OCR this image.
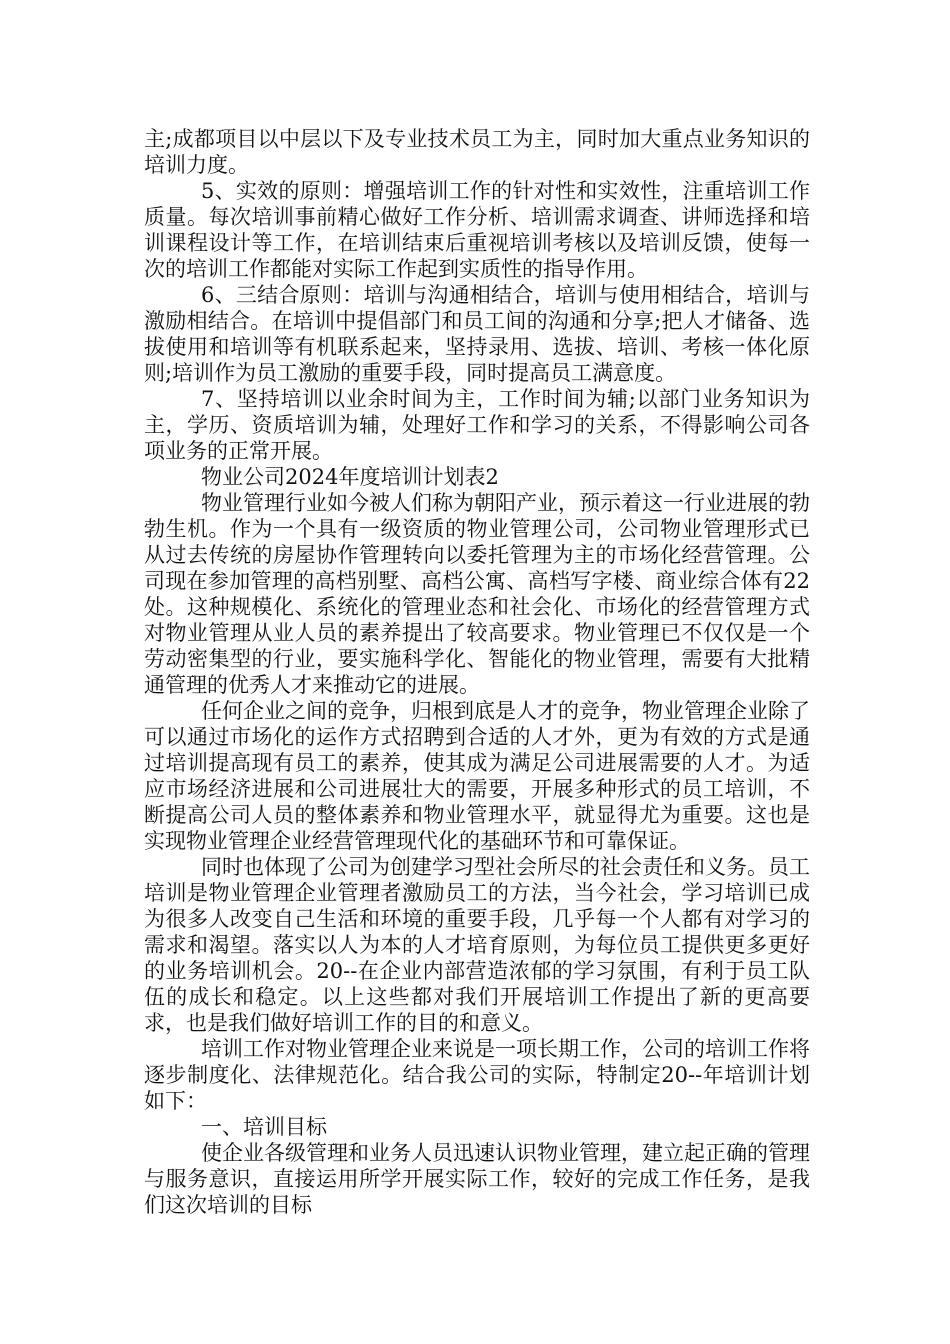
主;成都项目以中层以下及专业技术员工为主，同时加大重点业务知识的培训力度。

5、实效的原则：增强培训工作的针对性和实效性，注重培训工作质量。每次培训事前精心做好工作分析、培训需求调查、讲师选择和培训课程设计等工作，在培训结束后重视培训考核以及培训反馈，使每一次的培训工作都能对实际工作起到实质性的指导作用。

6、三结合原则：培训与沟通相结合，培训与使用相结合，培训与激励相结合。在培训中提倡部门和员工间的沟通和分享;把人才储备、选拔使用和培训等有机联系起来，坚持录用、选拔、培训、考核一体化原则;培训作为员工激励的重要手段，同时提高员工满意度。

7、坚持培训以业余时间为主，工作时间为辅;以部门业务知识为主，学历、资质培训为辅，处理好工作和学习的关系，不得影响公司各项业务的正常开展。

物业公司2024年度培训计划表2

物业管理行业如今被人们称为朝阳产业，预示着这一行业进展的勃勃生机。作为一个具有一级资质的物业管理公司，公司物业管理形式已从过去传统的房屋协作管理转向以委托管理为主的市场化经营管理。公司现在参加管理的高档别墅、高档公寓、高档写字楼、商业综合体有22处。这种规模化、系统化的管理业态和社会化、市场化的经营管理方式对物业管理从业人员的素养提出了较高要求。物业管理已不仅仅是一个劳动密集型的行业，要实施科学化、智能化的物业管理，需要有大批精通管理的优秀人才来推动它的进展。

任何企业之间的竞争，归根到底是人才的竞争，物业管理企业除了可以通过市场化的运作方式招聘到合适的人才外，更为有效的方式是通过培训提高现有员工的素养，使其成为满足公司进展需要的人才。为适应市场经济进展和公司进展壮大的需要，开展多种形式的员工培训，不断提高公司人员的整体素养和物业管理水平，就显得尤为重要。这也是实现物业管理企业经营管理现代化的基础环节和可靠保证。

同时也体现了公司为创建学习型社会所尽的社会责任和义务。员工培训是物业管理企业管理者激励员工的方法，当今社会，学习培训已成为很多人改变自己生活和环境的重要手段，几乎每一个人都有对学习的需求和渴望。落实以人为本的人才培育原则，为每位员工提供更多更好的业务培训机会。20--在企业内部营造浓郁的学习氛围，有利于员工队伍的成长和稳定。以上这些都对我们开展培训工作提出了新的更高要求，也是我们做好培训工作的目的和意义。

培训工作对物业管理企业来说是一项长期工作，公司的培训工作将逐步制度化、法律规范化。结合我公司的实际，特制定20--年培训计划如下：

一、培训目标

使企业各级管理和业务人员迅速认识物业管理，建立起正确的管理与服务意识，直接运用所学开展实际工作，较好的完成工作任务，是我们这次培训的目标
